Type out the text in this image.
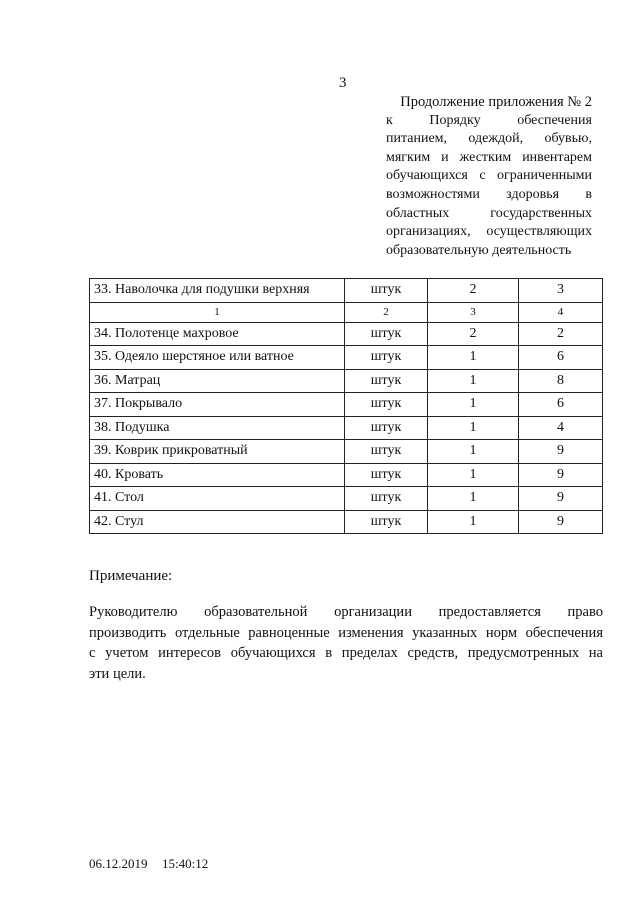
3
Продолжение приложения № 2
к Порядку обеспечения
питанием, одеждой, обувью,
мягким и жестким инвентарем
обучающихся с ограниченными
возможностями здоровья в
областных государственных
организациях, осуществляющих
образовательную деятельность
33. Наволочка для подушки верхняя	штук	2	3
1	2	3	4
34. Полотенце махровое	штук	2	2
35. Одеяло шерстяное или ватное	штук	1	6
36. Матрац	штук	1	8
37. Покрывало	штук	1	6
38. Подушка	штук	1	4
39. Коврик прикроватный	штук	1	9
40. Кровать	штук	1	9
41. Стол	штук	1	9
42. Стул	штук	1	9
Примечание:
Руководителю образовательной организации предоставляется право
производить отдельные равноценные изменения указанных норм обеспечения
с учетом интересов обучающихся в пределах средств, предусмотренных на
эти цели.
06.12.2019 15:40:12
